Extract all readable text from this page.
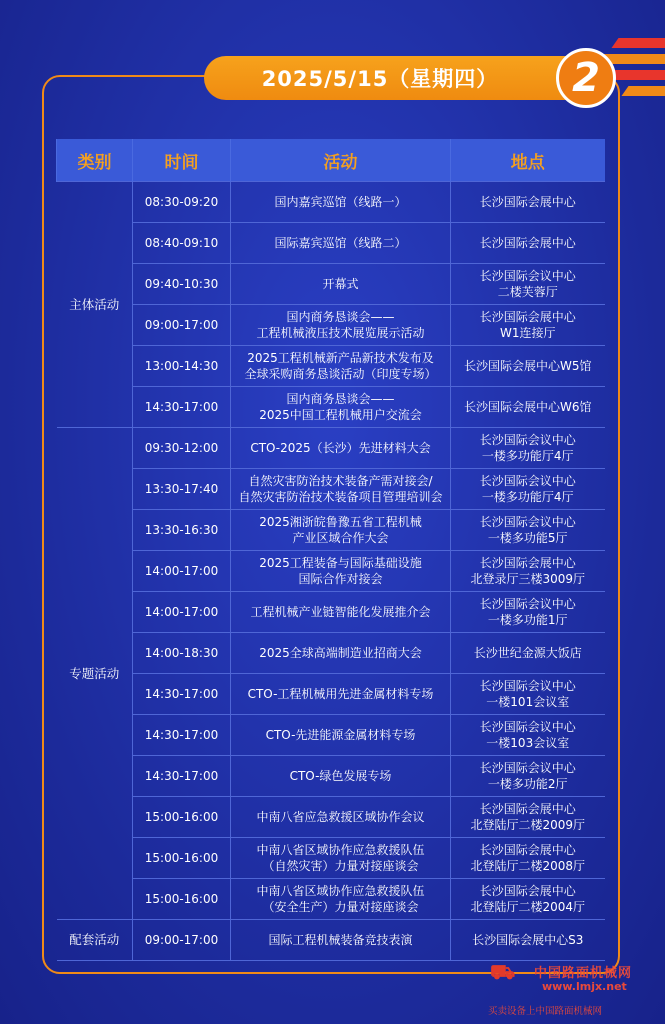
2025/5/15（星期四） 2
类别	时间	活动	地点
主体活动	08:30-09:20	国内嘉宾巡馆（线路一）	长沙国际会展中心
	08:40-09:10	国际嘉宾巡馆（线路二）	长沙国际会展中心
	09:40-10:30	开幕式	长沙国际会议中心
二楼芙蓉厅
	09:00-17:00	国内商务恳谈会——
工程机械液压技术展览展示活动	长沙国际会展中心
W1连接厅
	13:00-14:30	2025工程机械新产品新技术发布及
全球采购商务恳谈活动（印度专场）	长沙国际会展中心W5馆
	14:30-17:00	国内商务恳谈会——
2025中国工程机械用户交流会	长沙国际会展中心W6馆
专题活动	09:30-12:00	CTO-2025（长沙）先进材料大会	长沙国际会议中心
一楼多功能厅4厅
	13:30-17:40	自然灾害防治技术装备产需对接会/
自然灾害防治技术装备项目管理培训会	长沙国际会议中心
一楼多功能厅4厅
	13:30-16:30	2025湘浙皖鲁豫五省工程机械
产业区域合作大会	长沙国际会议中心
一楼多功能5厅
	14:00-17:00	2025工程装备与国际基础设施
国际合作对接会	长沙国际会展中心
北登录厅三楼3009厅
	14:00-17:00	工程机械产业链智能化发展推介会	长沙国际会议中心
一楼多功能1厅
	14:00-18:30	2025全球高端制造业招商大会	长沙世纪金源大饭店
	14:30-17:00	CTO-工程机械用先进金属材料专场	长沙国际会议中心
一楼101会议室
	14:30-17:00	CTO-先进能源金属材料专场	长沙国际会议中心
一楼103会议室
	14:30-17:00	CTO-绿色发展专场	长沙国际会议中心
一楼多功能2厅
	15:00-16:00	中南八省应急救援区域协作会议	长沙国际会展中心
北登陆厅二楼2009厅
	15:00-16:00	中南八省区域协作应急救援队伍
（自然灾害）力量对接座谈会	长沙国际会展中心
北登陆厅二楼2008厅
	15:00-16:00	中南八省区域协作应急救援队伍
（安全生产）力量对接座谈会	长沙国际会展中心
北登陆厅二楼2004厅
配套活动	09:00-17:00	国际工程机械装备竞技表演	长沙国际会展中心S3
⛟ 中国路面机械网
www.lmjx.net
买卖设备上中国路面机械网
